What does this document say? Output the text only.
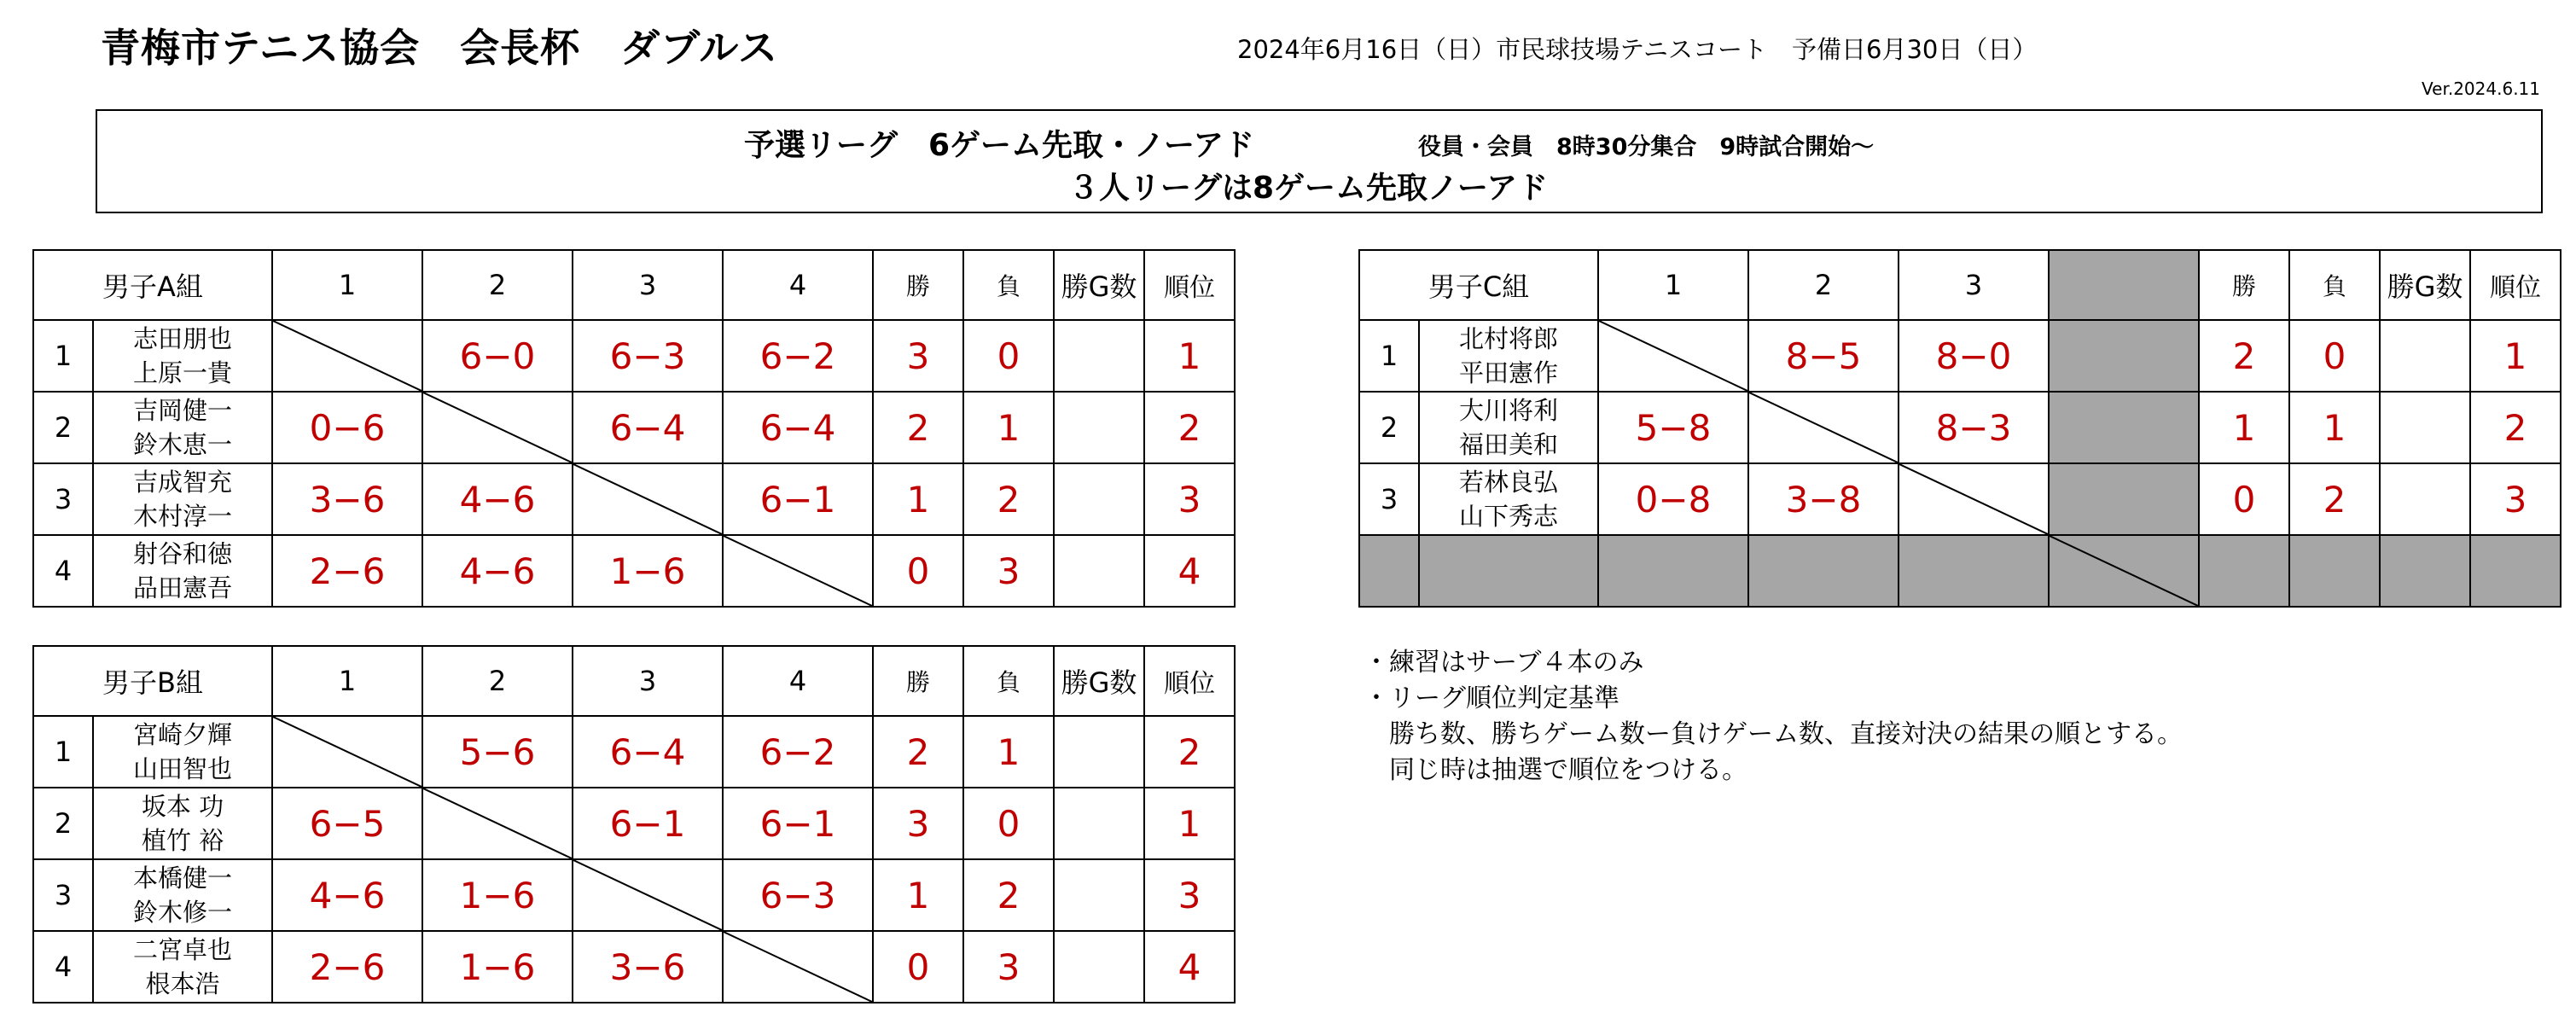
青梅市テニス協会　会長杯　ダブルス	2024年6月16日（日）市民球技場テニスコート　予備日6月30日（日）
Ver.2024.6.11
予選リーグ　6ゲーム先取・ノーアド	役員・会員　8時30分集合　9時試合開始～
３人リーグは8ゲーム先取ノーアド
男子A組		1	2	3	4	勝	負	勝G数	順位
1	志田朋也
上原一貴		6−0	6−3	6−2	3	0		1
2	吉岡健一
鈴木恵一	0−6		6−4	6−4	2	1		2
3	吉成智充
木村淳一	3−6	4−6		6−1	1	2		3
4	射谷和徳
品田憲吾	2−6	4−6	1−6		0	3		4
男子B組		1	2	3	4	勝	負	勝G数	順位
1	宮崎夕輝
山田智也		5−6	6−4	6−2	2	1		2
2	坂本 功
植竹 裕	6−5		6−1	6−1	3	0		1
3	本橋健一
鈴木修一	4−6	1−6		6−3	1	2		3
4	二宮卓也
根本浩	2−6	1−6	3−6		0	3		4
男子C組		1	2	3		勝	負	勝G数	順位
1	北村将郎
平田憲作		8−5	8−0		2	0		1
2	大川将利
福田美和	5−8		8−3		1	1		2
3	若林良弘
山下秀志	0−8	3−8			0	2		3

・練習はサーブ４本のみ
・リーグ順位判定基準
勝ち数、勝ちゲーム数ー負けゲーム数、直接対決の結果の順とする。
同じ時は抽選で順位をつける。
